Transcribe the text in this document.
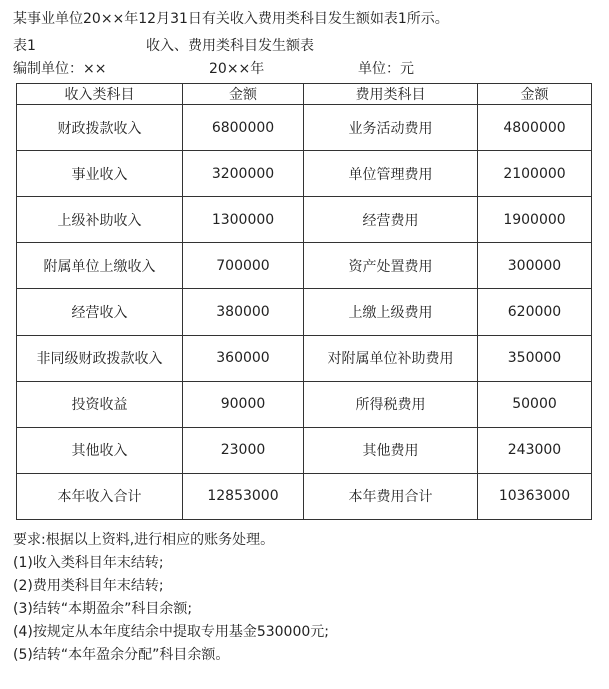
某事业单位20××年12月31日有关收入费用类科目发生额如表1所示。
表1	收入、费用类科目发生额表
编制单位：××	20××年	单位：元
收入类科目	金额	费用类科目	金额
财政拨款收入	6800000	业务活动费用	4800000
事业收入	3200000	单位管理费用	2100000
上级补助收入	1300000	经营费用	1900000
附属单位上缴收入	700000	资产处置费用	300000
经营收入	380000	上缴上级费用	620000
非同级财政拨款收入	360000	对附属单位补助费用	350000
投资收益	90000	所得税费用	50000
其他收入	23000	其他费用	243000
本年收入合计	12853000	本年费用合计	10363000
要求:根据以上资料,进行相应的账务处理。
(1)收入类科目年末结转;
(2)费用类科目年末结转;
(3)结转“本期盈余”科目余额;
(4)按规定从本年度结余中提取专用基金530000元;
(5)结转“本年盈余分配”科目余额。
